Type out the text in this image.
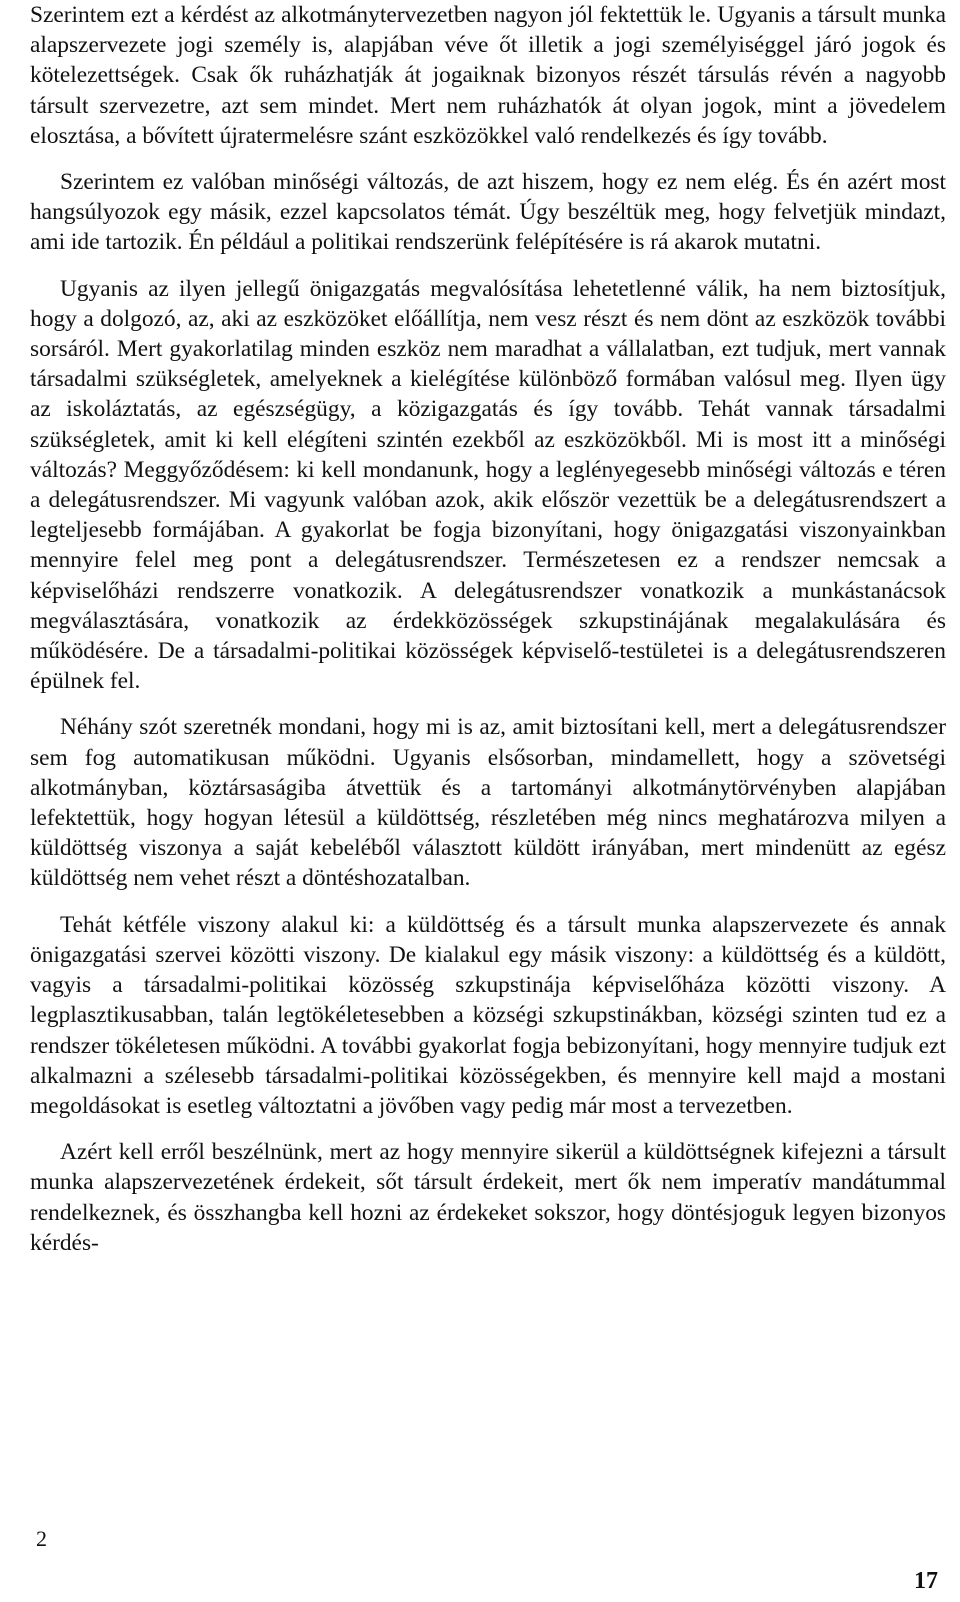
Szerintem ezt a kérdést az alkotmánytervezetben nagyon jól fektettük le. Ugyanis a társult munka alapszervezete jogi személy is, alapjában véve őt illetik a jogi személyiséggel járó jogok és kötelezettségek. Csak ők ruházhatják át jogaiknak bizonyos részét társulás révén a nagyobb társult szervezetre, azt sem mindet. Mert nem ruházhatók át olyan jogok, mint a jövedelem elosztása, a bővített újratermelésre szánt eszközökkel való rendelkezés és így tovább.

Szerintem ez valóban minőségi változás, de azt hiszem, hogy ez nem elég. És én azért most hangsúlyozok egy másik, ezzel kapcsolatos témát. Úgy beszéltük meg, hogy felvetjük mindazt, ami ide tartozik. Én például a politikai rendszerünk felépítésére is rá akarok mutatni.

Ugyanis az ilyen jellegű önigazgatás megvalósítása lehetetlenné válik, ha nem biztosítjuk, hogy a dolgozó, az, aki az eszközöket előállítja, nem vesz részt és nem dönt az eszközök további sorsáról. Mert gyakorlatilag minden eszköz nem maradhat a vállalatban, ezt tudjuk, mert vannak társadalmi szükségletek, amelyeknek a kielégítése különböző formában valósul meg. Ilyen ügy az iskoláztatás, az egészségügy, a közigazgatás és így tovább. Tehát vannak társadalmi szükségletek, amit ki kell elégíteni szintén ezekből az eszközökből. Mi is most itt a minőségi változás? Meggyőződésem: ki kell mondanunk, hogy a leglényegesebb minőségi változás e téren a delegátusrendszer. Mi vagyunk valóban azok, akik először vezettük be a delegátusrendszert a legteljesebb formájában. A gyakorlat be fogja bizonyítani, hogy önigazgatási viszonyainkban mennyire felel meg pont a delegátusrendszer. Természetesen ez a rendszer nemcsak a képviselőházi rendszerre vonatkozik. A delegátusrendszer vonatkozik a munkástanácsok megválasztására, vonatkozik az érdekközösségek szkupstinájának megalakulására és működésére. De a társadalmi-politikai közösségek képviselő-testületei is a delegátusrendszeren épülnek fel.

Néhány szót szeretnék mondani, hogy mi is az, amit biztosítani kell, mert a delegátusrendszer sem fog automatikusan működni. Ugyanis elsősorban, mindamellett, hogy a szövetségi alkotmányban, köztársaságiba átvettük és a tartományi alkotmánytörvényben alapjában lefektettük, hogy hogyan létesül a küldöttség, részletében még nincs meghatározva milyen a küldöttség viszonya a saját kebeléből választott küldött irányában, mert mindenütt az egész küldöttség nem vehet részt a döntéshozatalban.

Tehát kétféle viszony alakul ki: a küldöttség és a társult munka alapszervezete és annak önigazgatási szervei közötti viszony. De kialakul egy másik viszony: a küldöttség és a küldött, vagyis a társadalmi-politikai közösség szkupstinája képviselőháza közötti viszony. A legplasztikusabban, talán legtökéletesebben a községi szkupstinákban, községi szinten tud ez a rendszer tökéletesen működni. A további gyakorlat fogja bebizonyítani, hogy mennyire tudjuk ezt alkalmazni a szélesebb társadalmi-politikai közösségekben, és mennyire kell majd a mostani megoldásokat is esetleg változtatni a jövőben vagy pedig már most a tervezetben.

Azért kell erről beszélnünk, mert az hogy mennyire sikerül a küldöttségnek kifejezni a társult munka alapszervezetének érdekeit, sőt társult érdekeit, mert ők nem imperatív mandátummal rendelkeznek, és összhangba kell hozni az érdekeket sokszor, hogy döntésjoguk legyen bizonyos kérdés-

2
17
